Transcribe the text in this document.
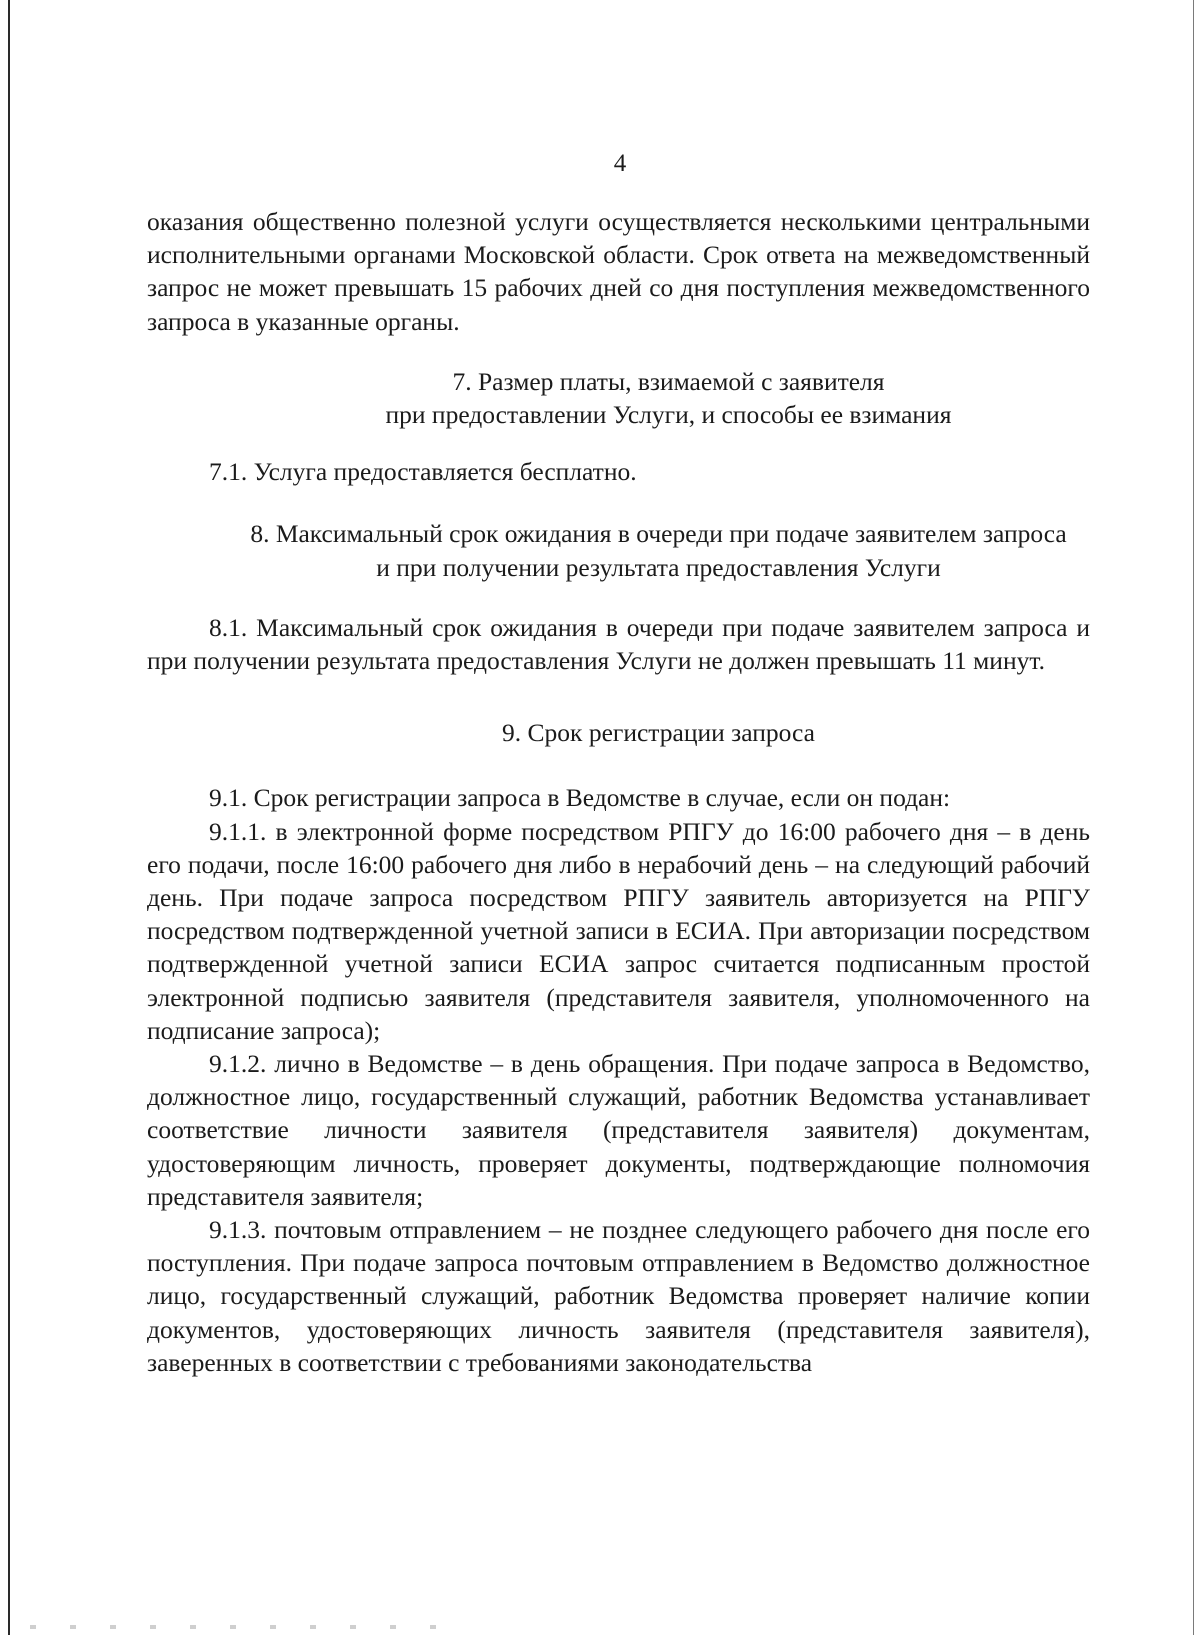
4

оказания общественно полезной услуги осуществляется несколькими центральными исполнительными органами Московской области. Срок ответа на межведомственный запрос не может превышать 15 рабочих дней со дня поступления межведомственного запроса в указанные органы.

7. Размер платы, взимаемой с заявителя

при предоставлении Услуги, и способы ее взимания

7.1. Услуга предоставляется бесплатно.

8. Максимальный срок ожидания в очереди при подаче заявителем запроса

и при получении результата предоставления Услуги

8.1. Максимальный срок ожидания в очереди при подаче заявителем запроса и при получении результата предоставления Услуги не должен превышать 11 минут.

9. Срок регистрации запроса

9.1. Срок регистрации запроса в Ведомстве в случае, если он подан:

9.1.1. в электронной форме посредством РПГУ до 16:00 рабочего дня – в день его подачи, после 16:00 рабочего дня либо в нерабочий день – на следующий рабочий день. При подаче запроса посредством РПГУ заявитель авторизуется на РПГУ посредством подтвержденной учетной записи в ЕСИА. При авторизации посредством подтвержденной учетной записи ЕСИА запрос считается подписанным простой электронной подписью заявителя (представителя заявителя, уполномоченного на подписание запроса);

9.1.2. лично в Ведомстве – в день обращения. При подаче запроса в Ведомство, должностное лицо, государственный служащий, работник Ведомства устанавливает соответствие личности заявителя (представителя заявителя) документам, удостоверяющим личность, проверяет документы, подтверждающие полномочия представителя заявителя;

9.1.3. почтовым отправлением – не позднее следующего рабочего дня после его поступления. При подаче запроса почтовым отправлением в Ведомство должностное лицо, государственный служащий, работник Ведомства проверяет наличие копии документов, удостоверяющих личность заявителя (представителя заявителя), заверенных в соответствии с требованиями законодательства
